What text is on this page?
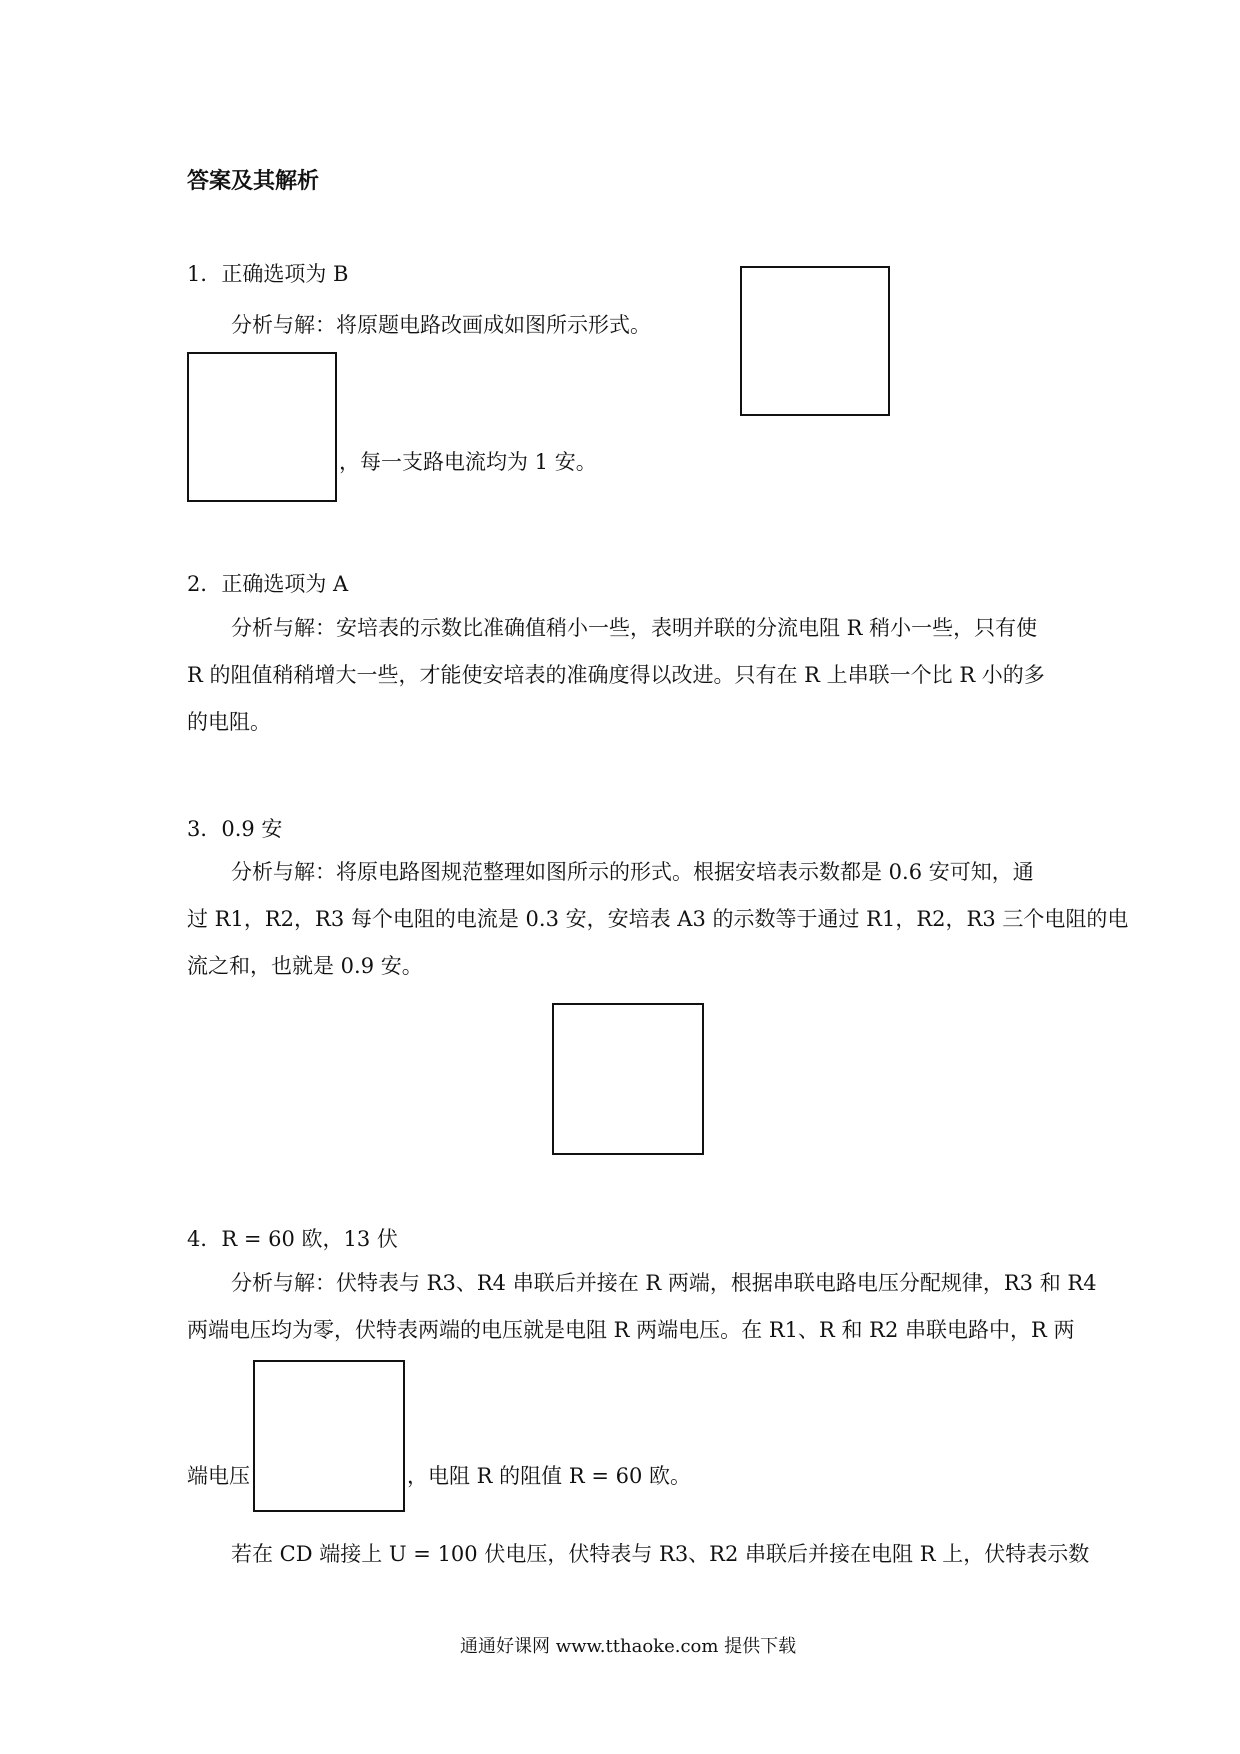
答案及其解析
1．正确选项为 B
分析与解：将原题电路改画成如图所示形式。
，每一支路电流均为 1 安。
2．正确选项为 A
分析与解：安培表的示数比准确值稍小一些，表明并联的分流电阻 R 稍小一些，只有使
R 的阻值稍稍增大一些，才能使安培表的准确度得以改进。只有在 R 上串联一个比 R 小的多
的电阻。
3．0.9 安
分析与解：将原电路图规范整理如图所示的形式。根据安培表示数都是 0.6 安可知，通
过 R1，R2，R3 每个电阻的电流是 0.3 安，安培表 A3 的示数等于通过 R1，R2，R3 三个电阻的电
流之和，也就是 0.9 安。
4．R = 60 欧，13 伏
分析与解：伏特表与 R3、R4 串联后并接在 R 两端，根据串联电路电压分配规律，R3 和 R4
两端电压均为零，伏特表两端的电压就是电阻 R 两端电压。在 R1、R 和 R2 串联电路中，R 两
端电压	，电阻 R 的阻值 R = 60 欧。
若在 CD 端接上 U = 100 伏电压，伏特表与 R3、R2 串联后并接在电阻 R 上，伏特表示数
通通好课网 www.tthaoke.com 提供下载
